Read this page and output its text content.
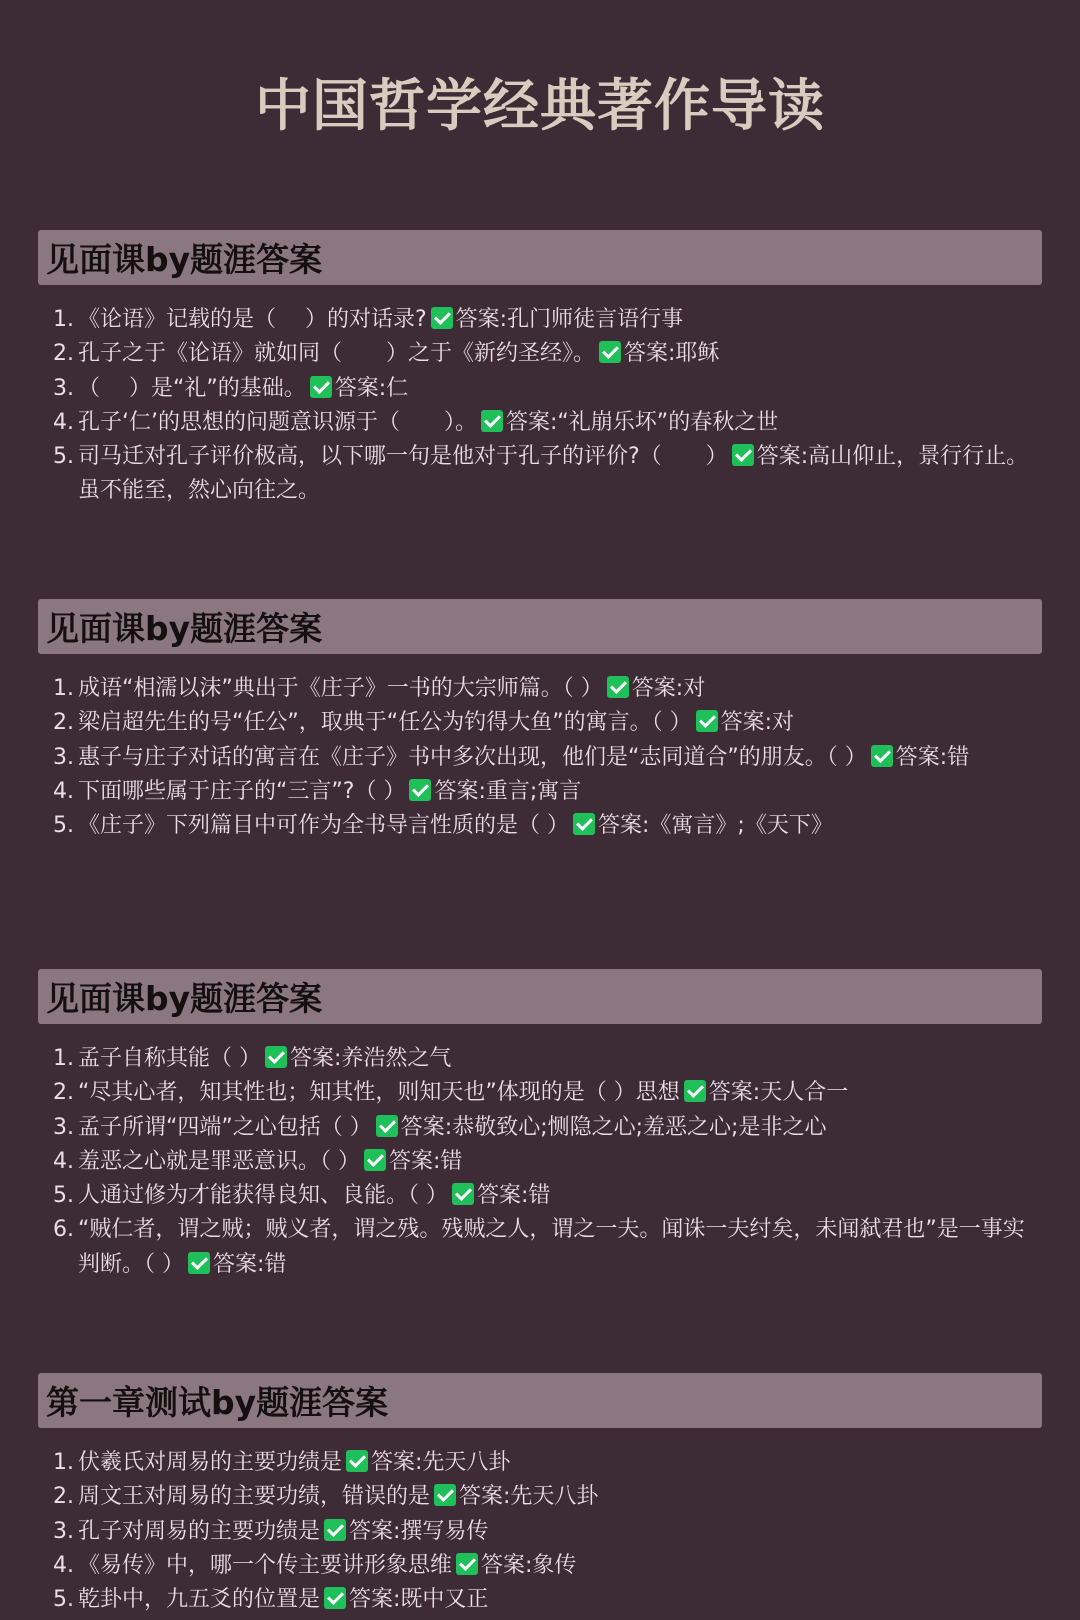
中国哲学经典著作导读
见面课by题涯答案
《论语》记载的是（　 ）的对话录? 答案:孔门师徒言语行事
孔子之于《论语》就如同（　　）之于《新约圣经》。 答案:耶稣
（　 ）是“礼”的基础。 答案:仁
孔子‘仁’的思想的问题意识源于（　　）。 答案:“礼崩乐坏”的春秋之世
司马迁对孔子评价极高，以下哪一句是他对于孔子的评价?（　　） 答案:高山仰止，景行行止。虽不能至，然心向往之。
见面课by题涯答案
成语“相濡以沫”典出于《庄子》一书的大宗师篇。（ ） 答案:对
梁启超先生的号“任公”，取典于“任公为钓得大鱼”的寓言。（ ） 答案:对
惠子与庄子对话的寓言在《庄子》书中多次出现，他们是“志同道合”的朋友。（ ） 答案:错
下面哪些属于庄子的“三言”?（ ） 答案:重言;寓言
《庄子》下列篇目中可作为全书导言性质的是（ ） 答案:《寓言》;《天下》
见面课by题涯答案
孟子自称其能（ ） 答案:养浩然之气
“尽其心者，知其性也；知其性，则知天也”体现的是（ ）思想 答案:天人合一
孟子所谓“四端”之心包括（ ） 答案:恭敬致心;恻隐之心;羞恶之心;是非之心
羞恶之心就是罪恶意识。（ ） 答案:错
人通过修为才能获得良知、良能。（ ） 答案:错
“贼仁者，谓之贼；贼义者，谓之残。残贼之人，谓之一夫。闻诛一夫纣矣，未闻弑君也”是一事实判断。（ ） 答案:错
第一章测试by题涯答案
伏羲氏对周易的主要功绩是 答案:先天八卦
周文王对周易的主要功绩，错误的是 答案:先天八卦
孔子对周易的主要功绩是 答案:撰写易传
《易传》中，哪一个传主要讲形象思维 答案:象传
乾卦中，九五爻的位置是 答案:既中又正
